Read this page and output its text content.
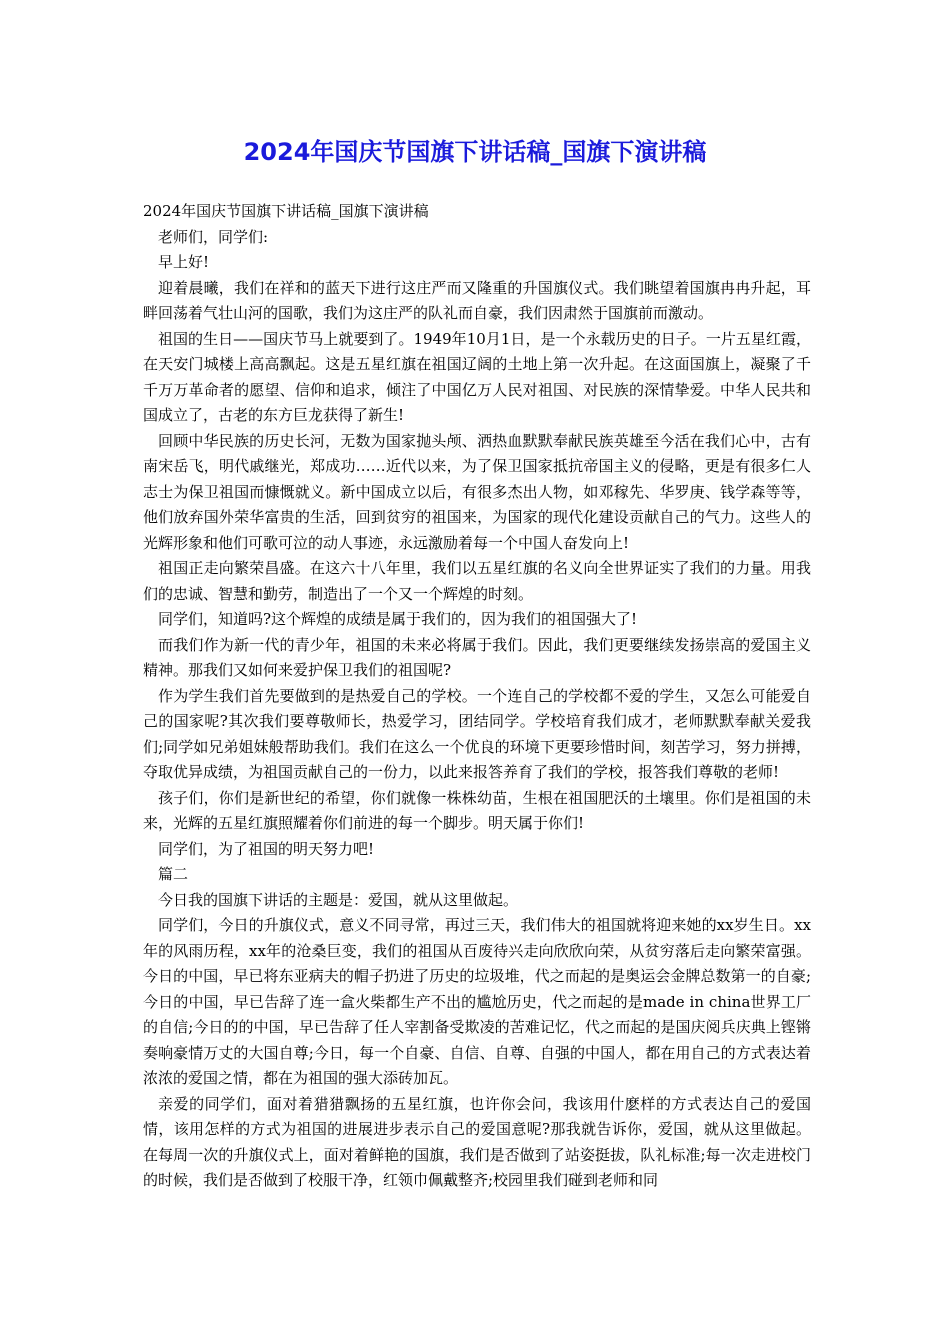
2024年国庆节国旗下讲话稿_国旗下演讲稿

2024年国庆节国旗下讲话稿_国旗下演讲稿

老师们，同学们:

早上好!

迎着晨曦，我们在祥和的蓝天下进行这庄严而又隆重的升国旗仪式。我们眺望着国旗冉冉升起，耳畔回荡着气壮山河的国歌，我们为这庄严的队礼而自豪，我们因肃然于国旗前而激动。

祖国的生日——国庆节马上就要到了。1949年10月1日，是一个永载历史的日子。一片五星红霞，在天安门城楼上高高飘起。这是五星红旗在祖国辽阔的土地上第一次升起。在这面国旗上，凝聚了千千万万革命者的愿望、信仰和追求，倾注了中国亿万人民对祖国、对民族的深情挚爱。中华人民共和国成立了，古老的东方巨龙获得了新生!

回顾中华民族的历史长河，无数为国家抛头颅、洒热血默默奉献民族英雄至今活在我们心中，古有南宋岳飞，明代戚继光，郑成功……近代以来，为了保卫国家抵抗帝国主义的侵略，更是有很多仁人志士为保卫祖国而慷慨就义。新中国成立以后，有很多杰出人物，如邓稼先、华罗庚、钱学森等等，他们放弃国外荣华富贵的生活，回到贫穷的祖国来，为国家的现代化建设贡献自己的气力。这些人的光辉形象和他们可歌可泣的动人事迹，永远激励着每一个中国人奋发向上!

祖国正走向繁荣昌盛。在这六十八年里，我们以五星红旗的名义向全世界证实了我们的力量。用我们的忠诚、智慧和勤劳，制造出了一个又一个辉煌的时刻。

同学们，知道吗?这个辉煌的成绩是属于我们的，因为我们的祖国强大了!

而我们作为新一代的青少年，祖国的未来必将属于我们。因此，我们更要继续发扬崇高的爱国主义精神。那我们又如何来爱护保卫我们的祖国呢?

作为学生我们首先要做到的是热爱自己的学校。一个连自己的学校都不爱的学生，又怎么可能爱自己的国家呢?其次我们要尊敬师长，热爱学习，团结同学。学校培育我们成才，老师默默奉献关爱我们;同学如兄弟姐妹般帮助我们。我们在这么一个优良的环境下更要珍惜时间，刻苦学习，努力拼搏，夺取优异成绩，为祖国贡献自己的一份力，以此来报答养育了我们的学校，报答我们尊敬的老师!

孩子们，你们是新世纪的希望，你们就像一株株幼苗，生根在祖国肥沃的土壤里。你们是祖国的未来，光辉的五星红旗照耀着你们前进的每一个脚步。明天属于你们!

同学们，为了祖国的明天努力吧!

篇二

今日我的国旗下讲话的主题是：爱国，就从这里做起。

同学们，今日的升旗仪式，意义不同寻常，再过三天，我们伟大的祖国就将迎来她的xx岁生日。xx年的风雨历程，xx年的沧桑巨变，我们的祖国从百废待兴走向欣欣向荣，从贫穷落后走向繁荣富强。今日的中国，早已将东亚病夫的帽子扔进了历史的垃圾堆，代之而起的是奥运会金牌总数第一的自豪;今日的中国，早已告辞了连一盒火柴都生产不出的尴尬历史，代之而起的是made in china世界工厂的自信;今日的的中国，早已告辞了任人宰割备受欺凌的苦难记忆，代之而起的是国庆阅兵庆典上铿锵奏响豪情万丈的大国自尊;今日，每一个自豪、自信、自尊、自强的中国人，都在用自己的方式表达着浓浓的爱国之情，都在为祖国的强大添砖加瓦。

亲爱的同学们，面对着猎猎飘扬的五星红旗，也许你会问，我该用什麽样的方式表达自己的爱国情，该用怎样的方式为祖国的进展进步表示自己的爱国意呢?那我就告诉你，爱国，就从这里做起。在每周一次的升旗仪式上，面对着鲜艳的国旗，我们是否做到了站姿挺拔，队礼标准;每一次走进校门的时候，我们是否做到了校服干净，红领巾佩戴整齐;校园里我们碰到老师和同
